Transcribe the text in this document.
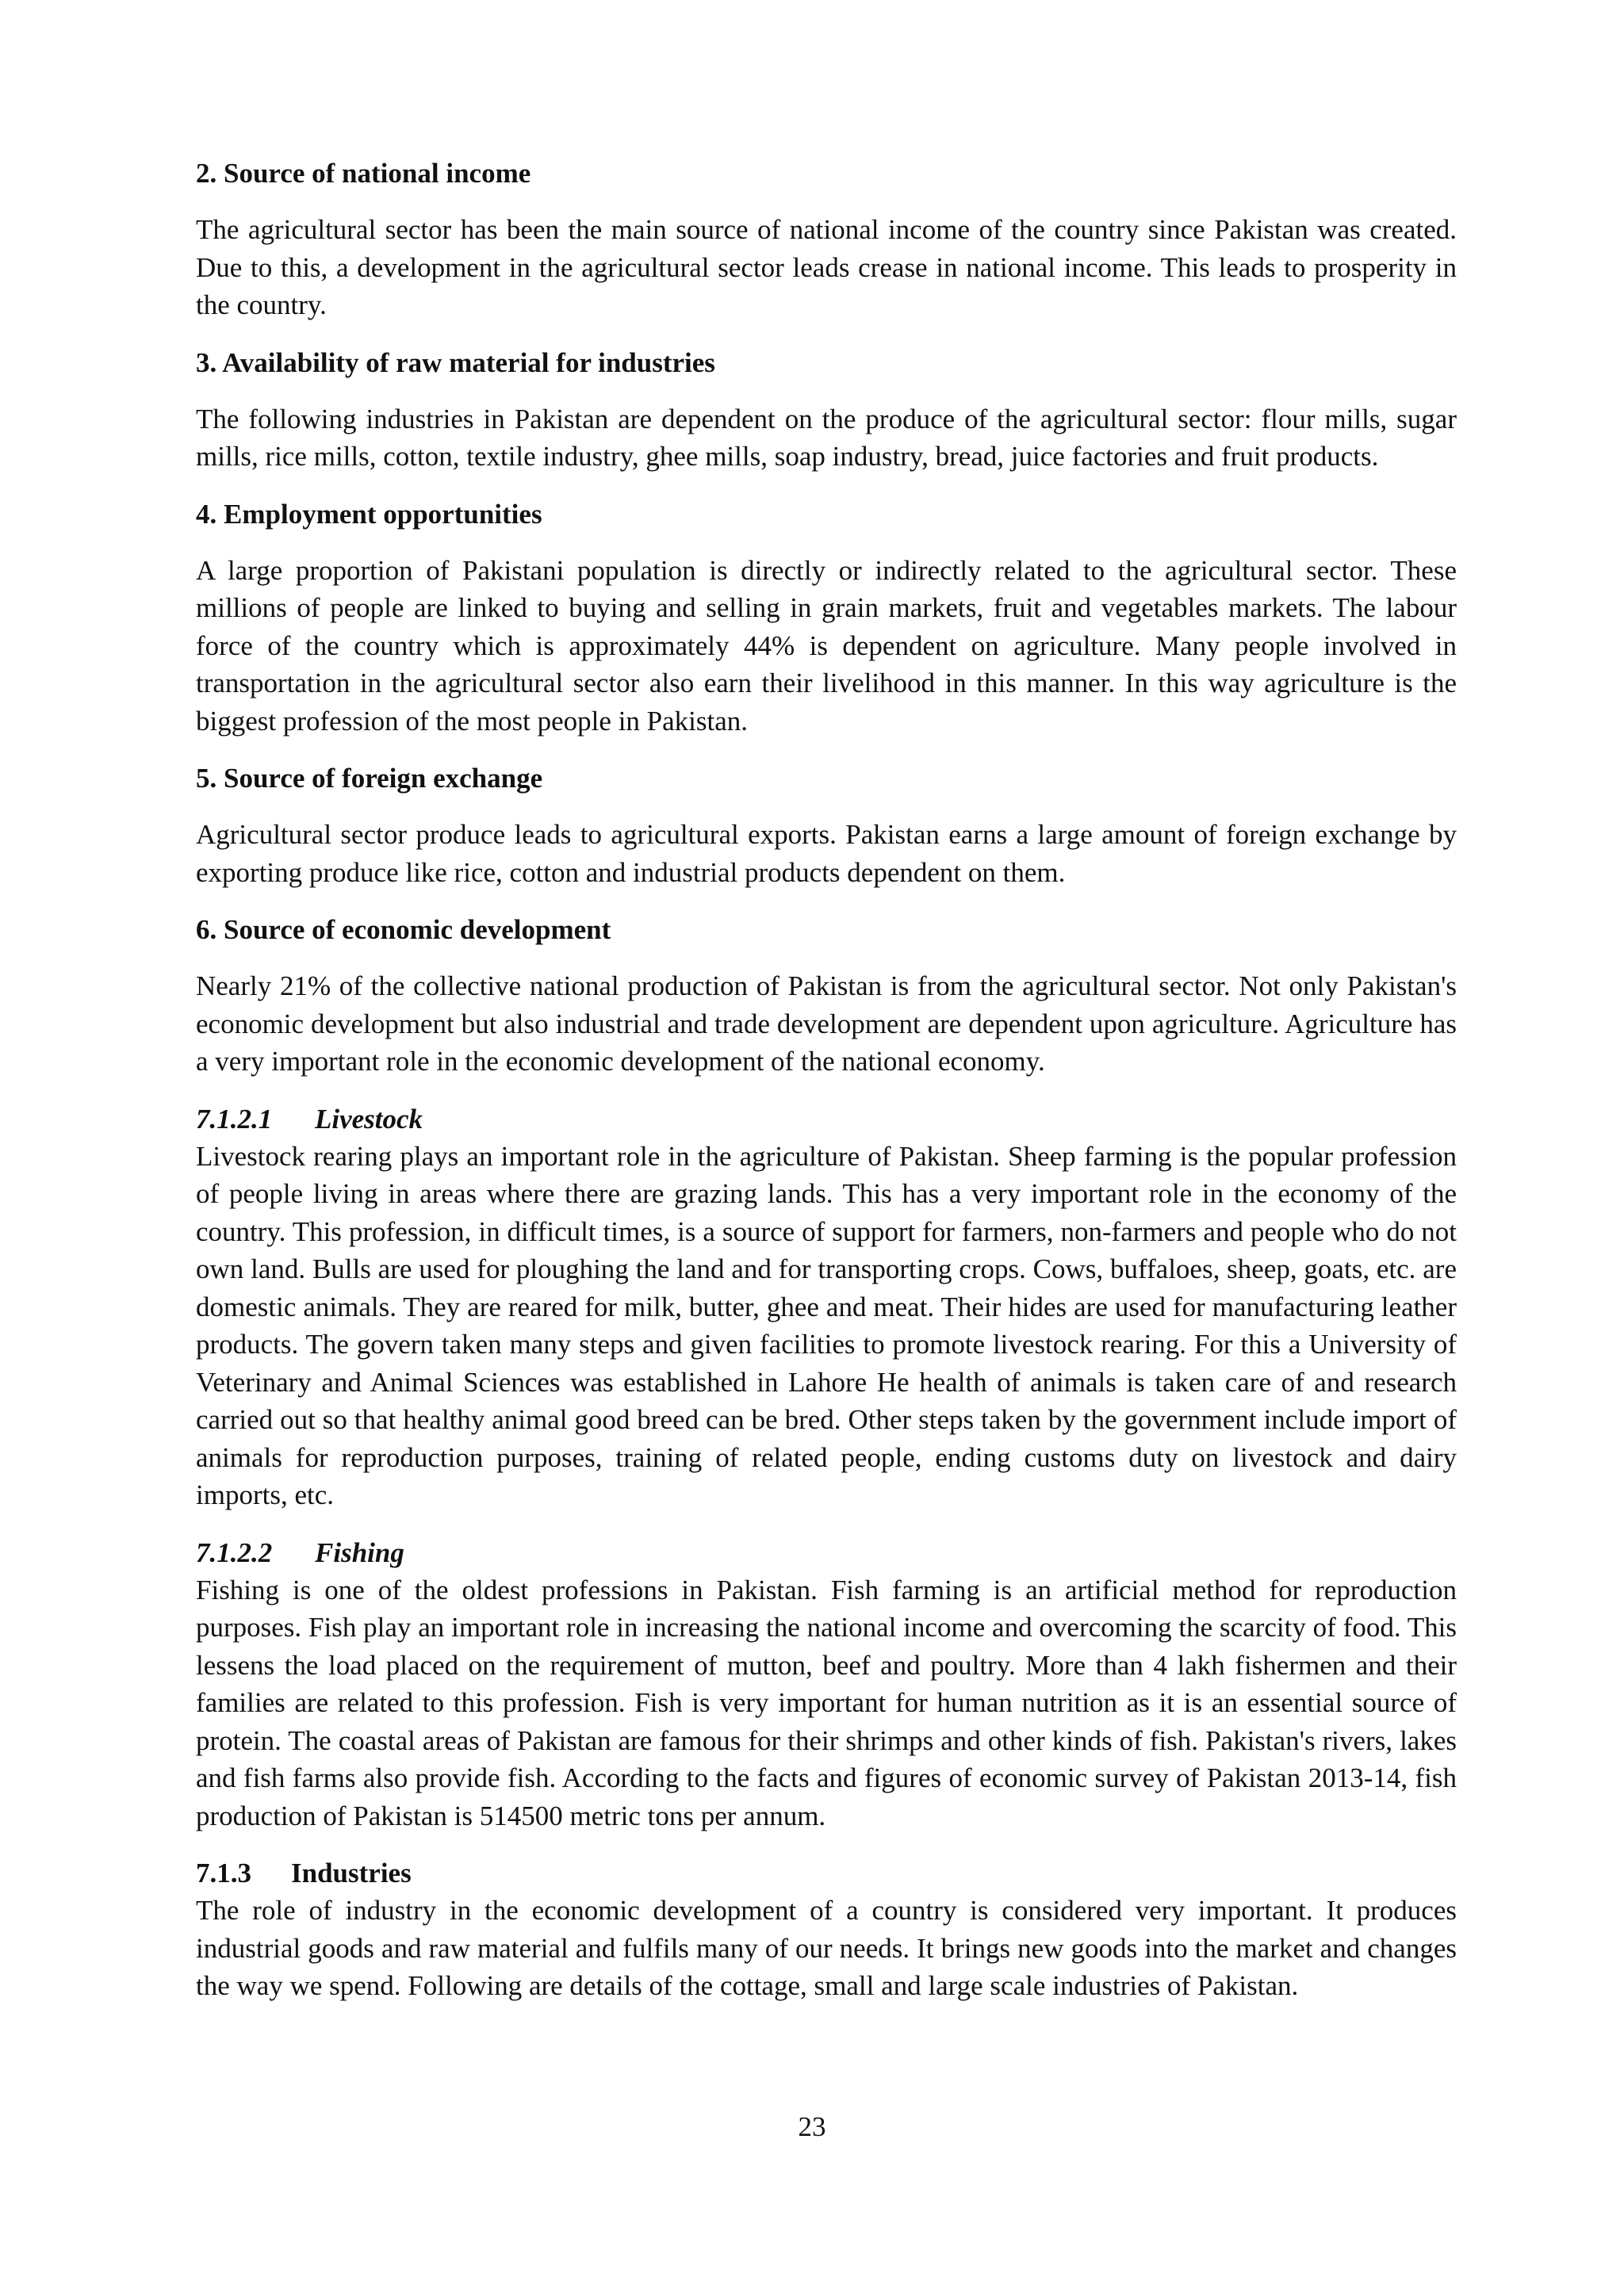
2. Source of national income

The agricultural sector has been the main source of national income of the country since Pakistan was created. Due to this, a development in the agricultural sector leads crease in national income. This leads to prosperity in the country.

3. Availability of raw material for industries

The following industries in Pakistan are dependent on the produce of the agricultural sector: flour mills, sugar mills, rice mills, cotton, textile industry, ghee mills, soap industry, bread, juice factories and fruit products.

4. Employment opportunities

A large proportion of Pakistani population is directly or indirectly related to the agricultural sector. These millions of people are linked to buying and selling in grain markets, fruit and vegetables markets. The labour force of the country which is approximately 44% is dependent on agriculture. Many people involved in transportation in the agricultural sector also earn their livelihood in this manner. In this way agriculture is the biggest profession of the most people in Pakistan.

5. Source of foreign exchange

Agricultural sector produce leads to agricultural exports. Pakistan earns a large amount of foreign exchange by exporting produce like rice, cotton and industrial products dependent on them.

6. Source of economic development

Nearly 21% of the collective national production of Pakistan is from the agricultural sector. Not only Pakistan's economic development but also industrial and trade development are dependent upon agriculture. Agriculture has a very important role in the economic development of the national economy.

7.1.2.1 Livestock

Livestock rearing plays an important role in the agriculture of Pakistan. Sheep farming is the popular profession of people living in areas where there are grazing lands. This has a very important role in the economy of the country. This profession, in difficult times, is a source of support for farmers, non-farmers and people who do not own land. Bulls are used for ploughing the land and for transporting crops. Cows, buffaloes, sheep, goats, etc. are domestic animals. They are reared for milk, butter, ghee and meat. Their hides are used for manufacturing leather products. The govern taken many steps and given facilities to promote livestock rearing. For this a University of Veterinary and Animal Sciences was established in Lahore He health of animals is taken care of and research carried out so that healthy animal good breed can be bred. Other steps taken by the government include import of animals for reproduction purposes, training of related people, ending customs duty on livestock and dairy imports, etc.

7.1.2.2 Fishing

Fishing is one of the oldest professions in Pakistan. Fish farming is an artificial method for reproduction purposes. Fish play an important role in increasing the national income and overcoming the scarcity of food. This lessens the load placed on the requirement of mutton, beef and poultry. More than 4 lakh fishermen and their families are related to this profession. Fish is very important for human nutrition as it is an essential source of protein. The coastal areas of Pakistan are famous for their shrimps and other kinds of fish. Pakistan's rivers, lakes and fish farms also provide fish. According to the facts and figures of economic survey of Pakistan 2013-14, fish production of Pakistan is 514500 metric tons per annum.

7.1.3 Industries

The role of industry in the economic development of a country is considered very important. It produces industrial goods and raw material and fulfils many of our needs. It brings new goods into the market and changes the way we spend. Following are details of the cottage, small and large scale industries of Pakistan.

23
